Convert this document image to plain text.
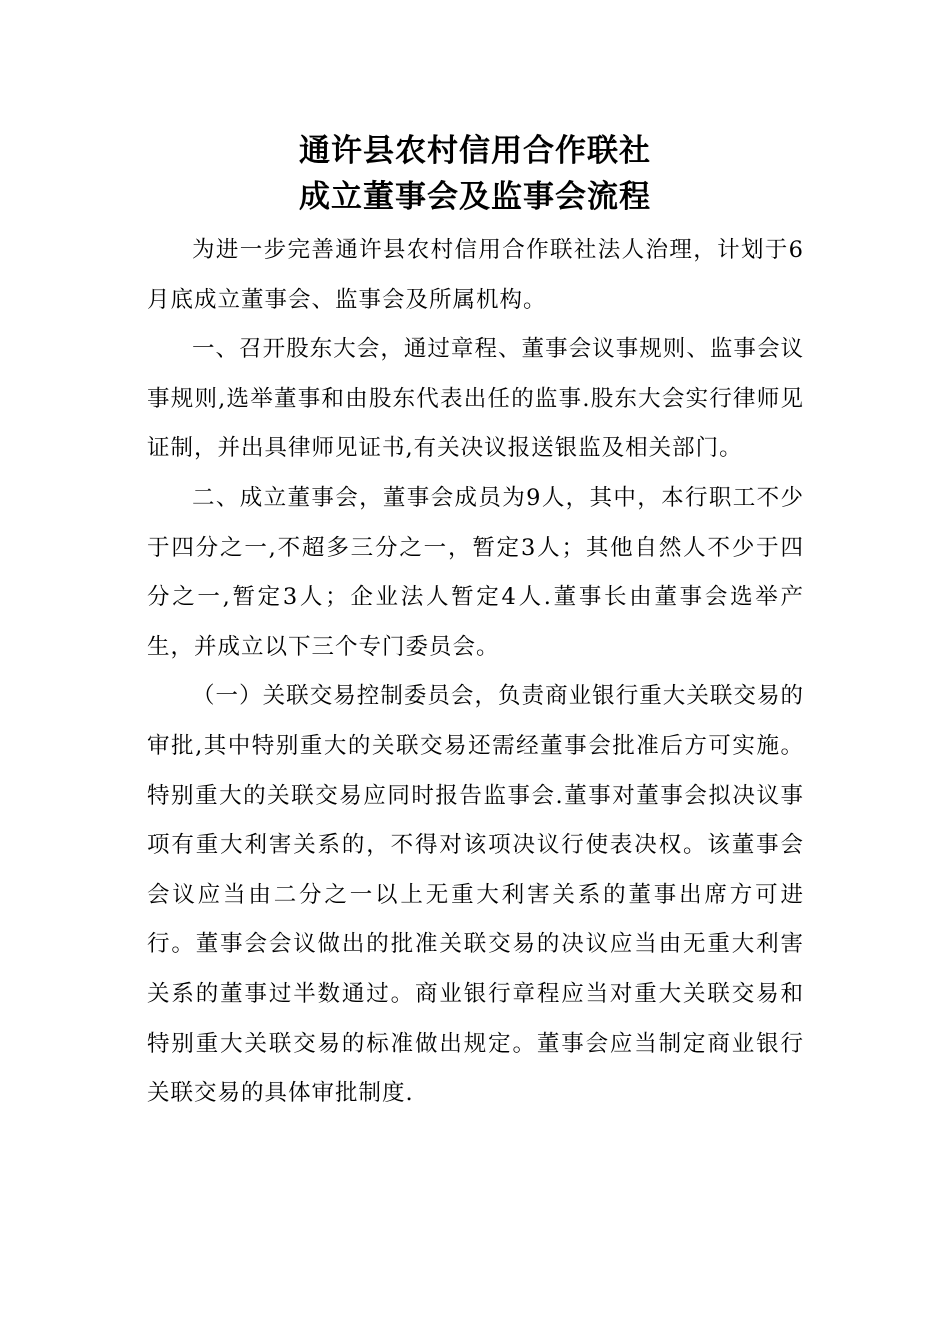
通许县农村信用合作联社
成立董事会及监事会流程

为进一步完善通许县农村信用合作联社法人治理，计划于6月底成立董事会、监事会及所属机构。

一、召开股东大会，通过章程、董事会议事规则、监事会议事规则,选举董事和由股东代表出任的监事.股东大会实行律师见证制，并出具律师见证书,有关决议报送银监及相关部门。

二、成立董事会，董事会成员为9人，其中，本行职工不少于四分之一,不超多三分之一，暂定3人；其他自然人不少于四分之一,暂定3人；企业法人暂定4人.董事长由董事会选举产生，并成立以下三个专门委员会。

（一）关联交易控制委员会，负责商业银行重大关联交易的审批,其中特别重大的关联交易还需经董事会批准后方可实施。特别重大的关联交易应同时报告监事会.董事对董事会拟决议事项有重大利害关系的，不得对该项决议行使表决权。该董事会会议应当由二分之一以上无重大利害关系的董事出席方可进行。董事会会议做出的批准关联交易的决议应当由无重大利害关系的董事过半数通过。商业银行章程应当对重大关联交易和特别重大关联交易的标准做出规定。董事会应当制定商业银行关联交易的具体审批制度.
